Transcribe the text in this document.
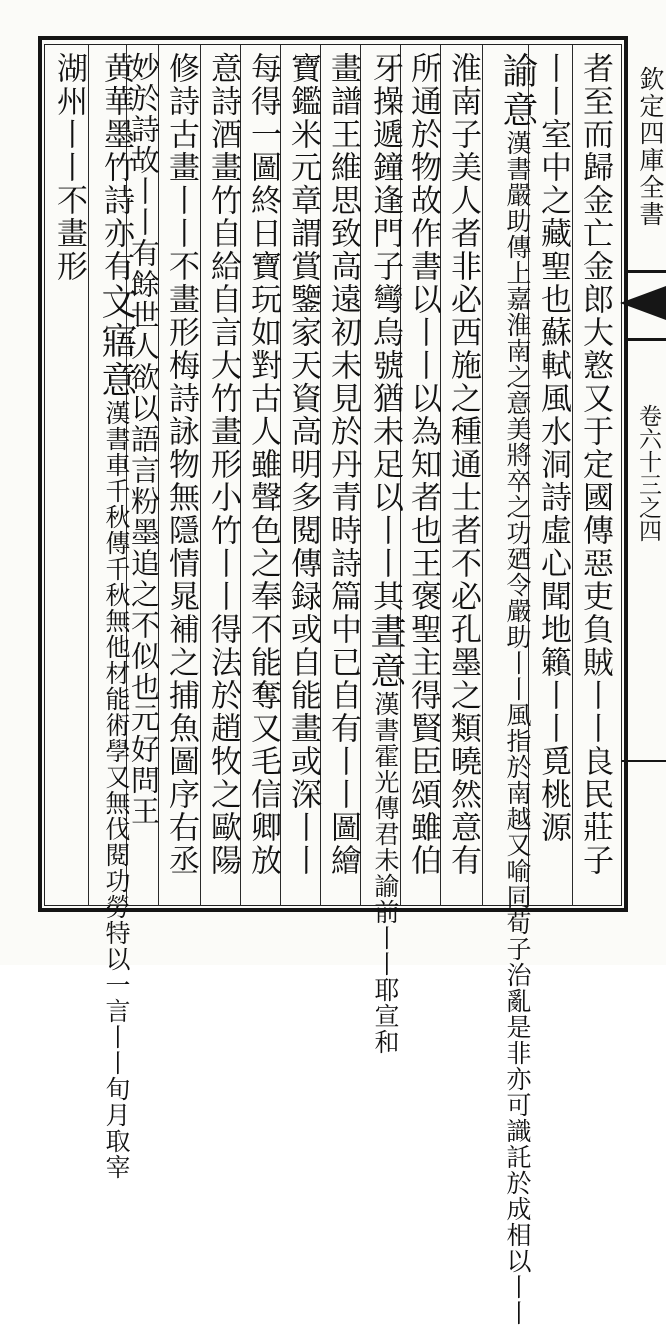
欽定四庫全書
卷六十三之四
者至而歸金亡金郎大憝又于定國傳惡吏負賊丨丨良民莊子
丨丨室中之藏聖也蘇軾風水洞詩虛心聞地籟丨丨覓桃源
諭意漢書嚴助傳上嘉淮南之意美將卒之功廼令嚴助丨丨風指於南越又喻同荀子治亂是非亦可識託於成相以丨丨
淮南子美人者非必西施之種通士者不必孔墨之類曉然意有
所通於物故作書以丨丨以為知者也王褒聖主得賢臣頌雖伯
牙操遞鐘逢門子彎烏號猶未足以丨丨其晝意漢書霍光傳君未諭前丨丨耶宣和
畫譜王維思致高遠初未見於丹青時詩篇中已自有丨丨圖繪
寶鑑米元章謂賞鑒家天資高明多閱傳録或自能畫或深丨丨
每得一圖終日寶玩如對古人雖聲色之奉不能奪又毛信卿放
意詩酒畫竹自給自言大竹畫形小竹丨丨得法於趙牧之歐陽
修詩古畫丨丨不畫形梅詩詠物無隱情晁補之捕魚圖序右丞
妙於詩故丨丨有餘世人欲以語言粉墨追之不似也元好問王
黄華墨竹詩亦有文寤意漢書車千秋傳千秋無他材能術學又無伐閱功勞特以一言丨丨旬月取宰
湖州丨丨不畫形
